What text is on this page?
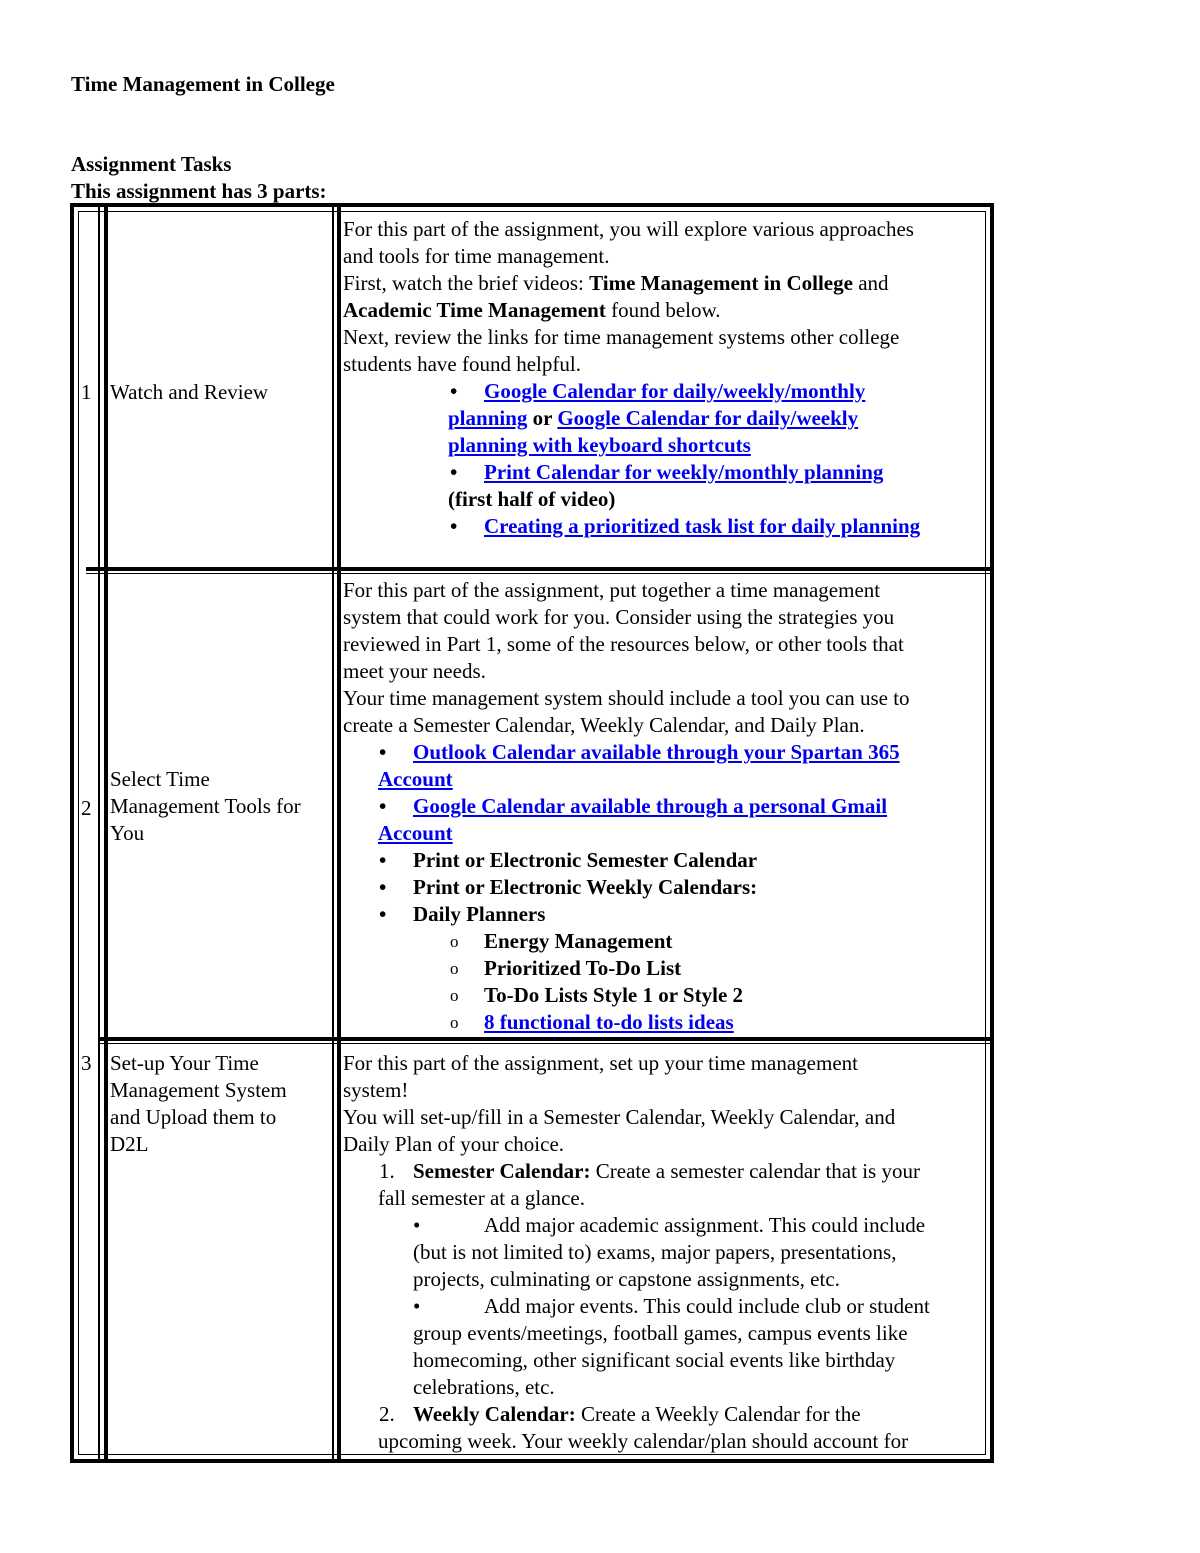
Time Management in College
Assignment Tasks
This assignment has 3 parts:
1 Watch and Review
For this part of the assignment, you will explore various approaches
and tools for time management.
First, watch the brief videos: Time Management in College and
Academic Time Management found below.
Next, review the links for time management systems other college
students have found helpful.
• Google Calendar for daily/weekly/monthly
planning or Google Calendar for daily/weekly
planning with keyboard shortcuts
• Print Calendar for weekly/monthly planning
(first half of video)
• Creating a prioritized task list for daily planning
2
Select Time
Management Tools for
You
For this part of the assignment, put together a time management
system that could work for you. Consider using the strategies you
reviewed in Part 1, some of the resources below, or other tools that
meet your needs.
Your time management system should include a tool you can use to
create a Semester Calendar, Weekly Calendar, and Daily Plan.
• Outlook Calendar available through your Spartan 365
Account
• Google Calendar available through a personal Gmail
Account
• Print or Electronic Semester Calendar
• Print or Electronic Weekly Calendars:
• Daily Planners
o Energy Management
o Prioritized To-Do List
o To-Do Lists Style 1 or Style 2
o 8 functional to-do lists ideas
3 Set-up Your Time
Management System
and Upload them to
D2L
For this part of the assignment, set up your time management
system!
You will set-up/fill in a Semester Calendar, Weekly Calendar, and
Daily Plan of your choice.
1. Semester Calendar: Create a semester calendar that is your
fall semester at a glance.
•	Add major academic assignment. This could include
(but is not limited to) exams, major papers, presentations,
projects, culminating or capstone assignments, etc.
•	Add major events. This could include club or student
group events/meetings, football games, campus events like
homecoming, other significant social events like birthday
celebrations, etc.
2. Weekly Calendar: Create a Weekly Calendar for the
upcoming week. Your weekly calendar/plan should account for
